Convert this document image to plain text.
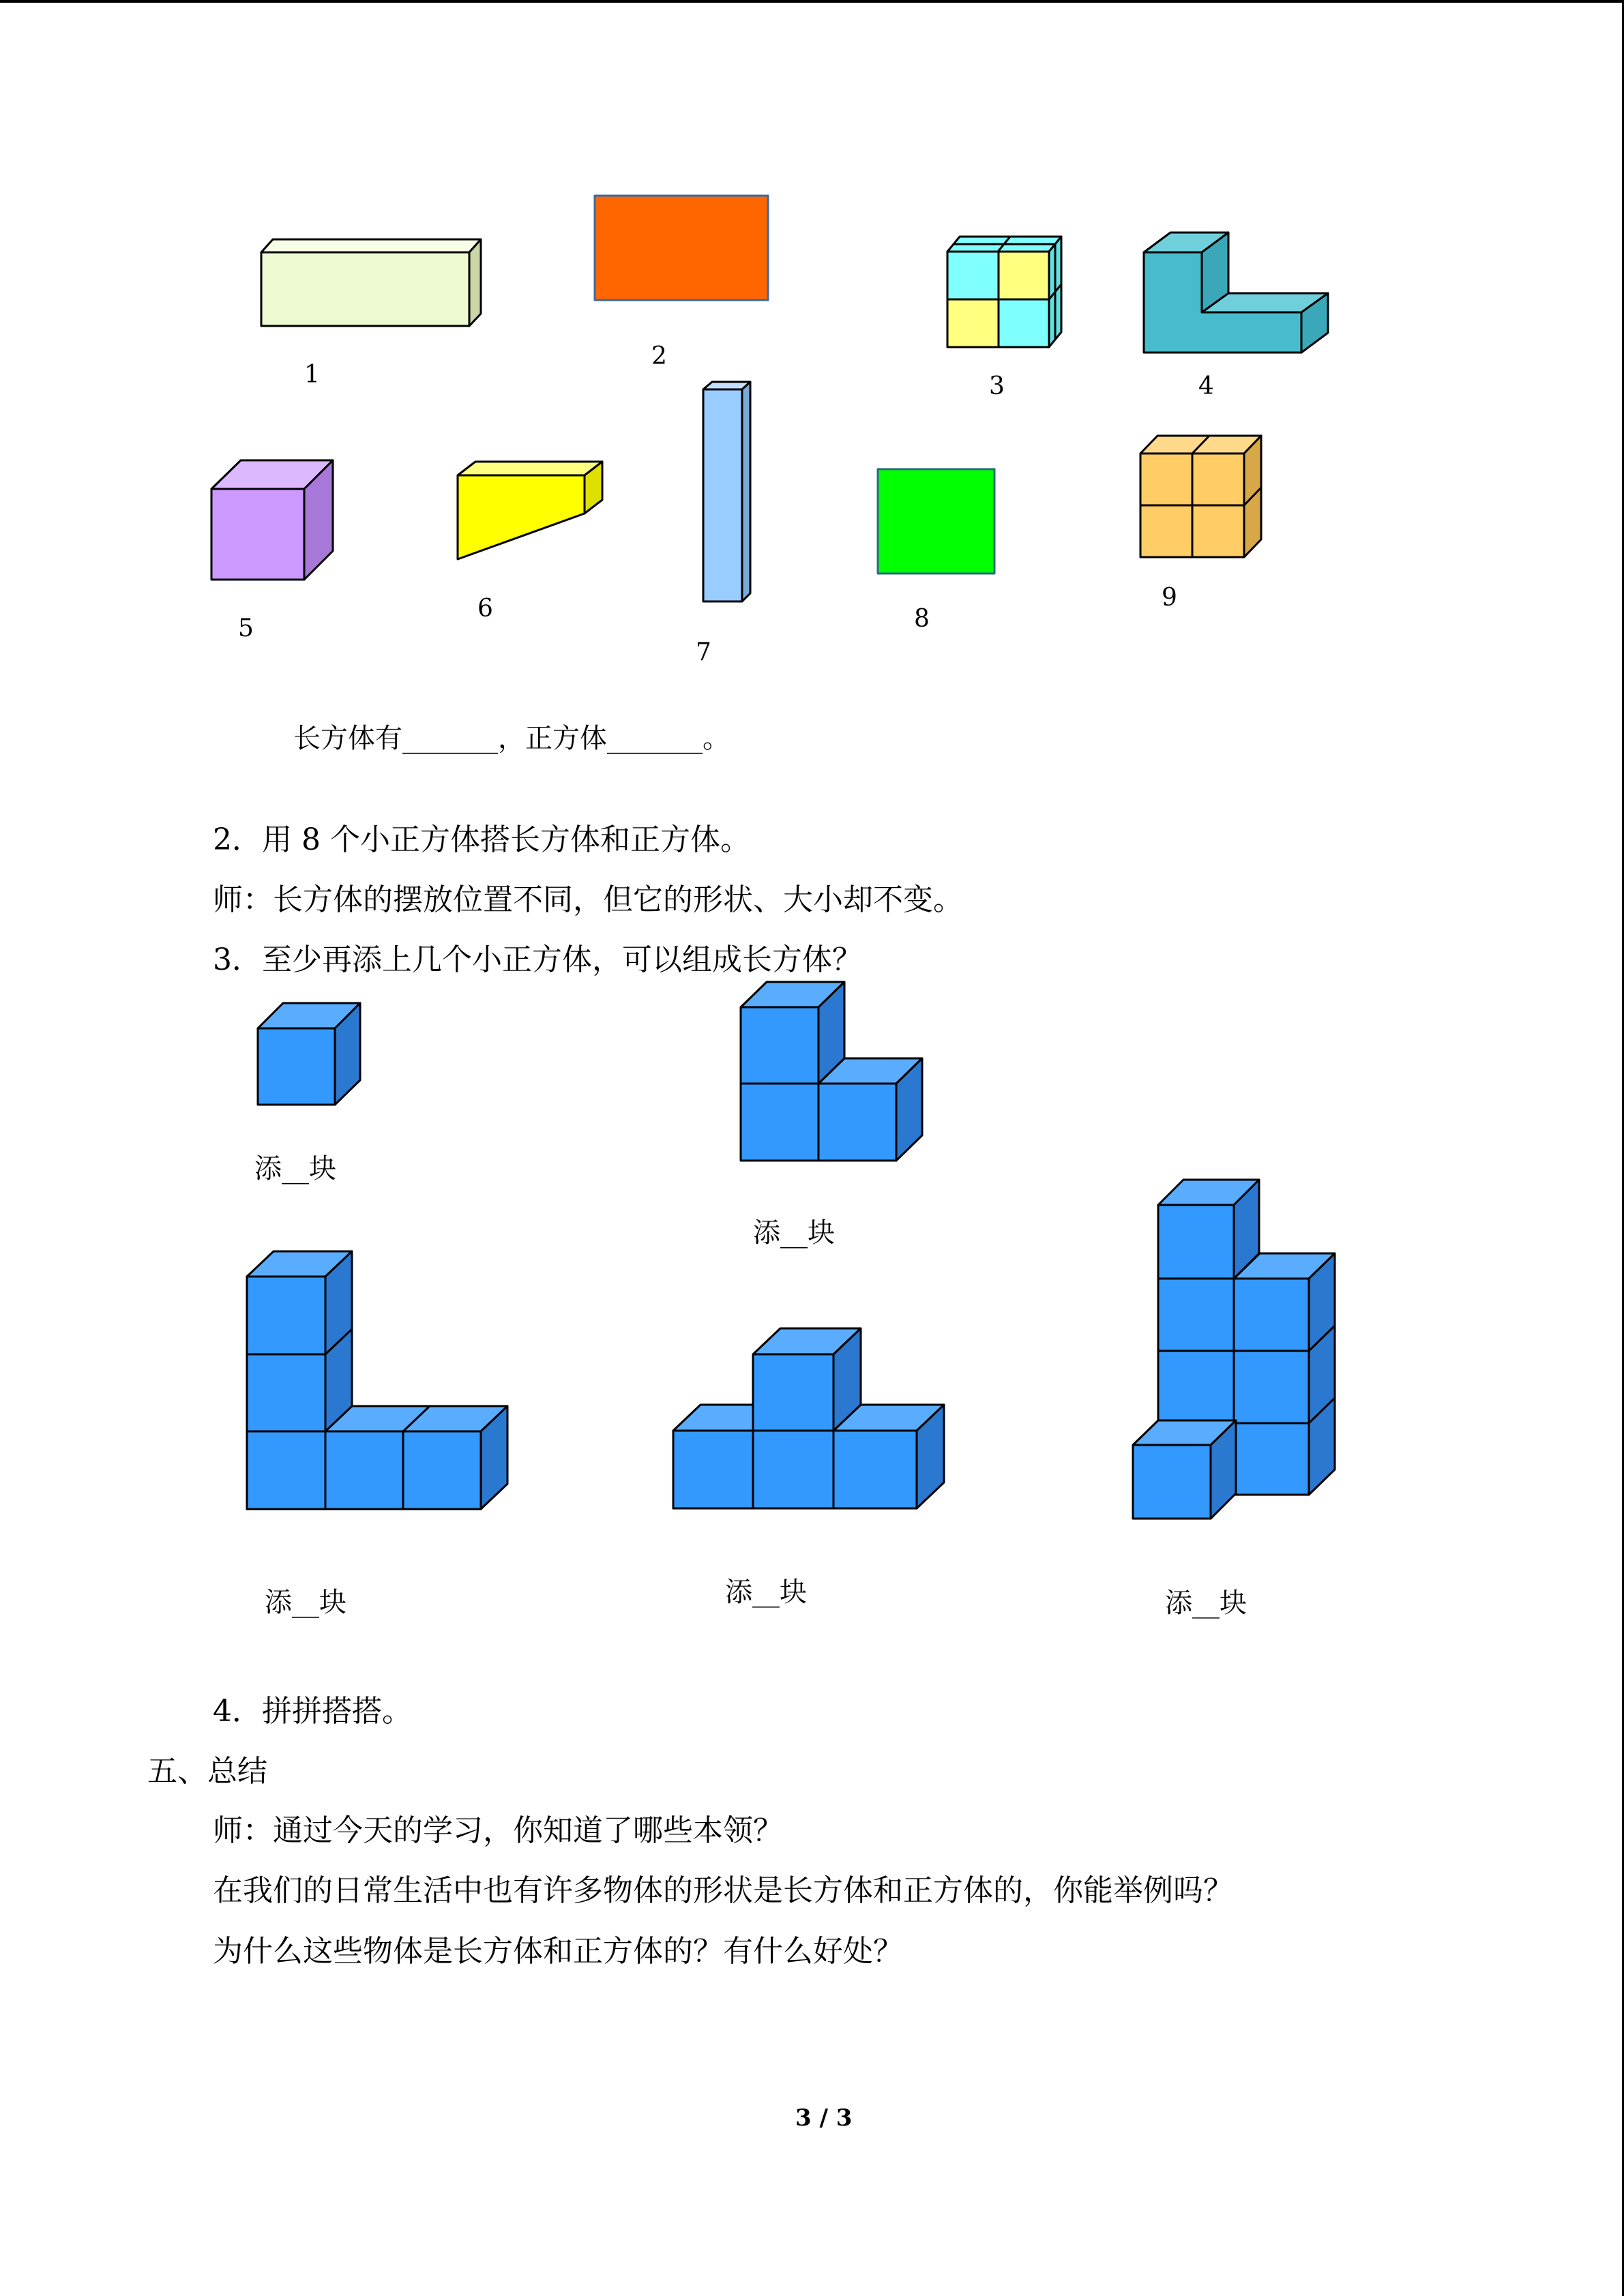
1
2
3	4
5
6
7
8
9
长方体有_______，正方体_______。
2．用 8 个小正方体搭长方体和正方体。
师：长方体的摆放位置不同，但它的形状、大小却不变。
3．至少再添上几个小正方体，可以组成长方体？
添__块
添__块
添__块	添__块	添__块
4．拼拼搭搭。
五、总结
师：通过今天的学习，你知道了哪些本领？
在我们的日常生活中也有许多物体的形状是长方体和正方体的，你能举例吗？
为什么这些物体是长方体和正方体的？有什么好处？
3 / 3
